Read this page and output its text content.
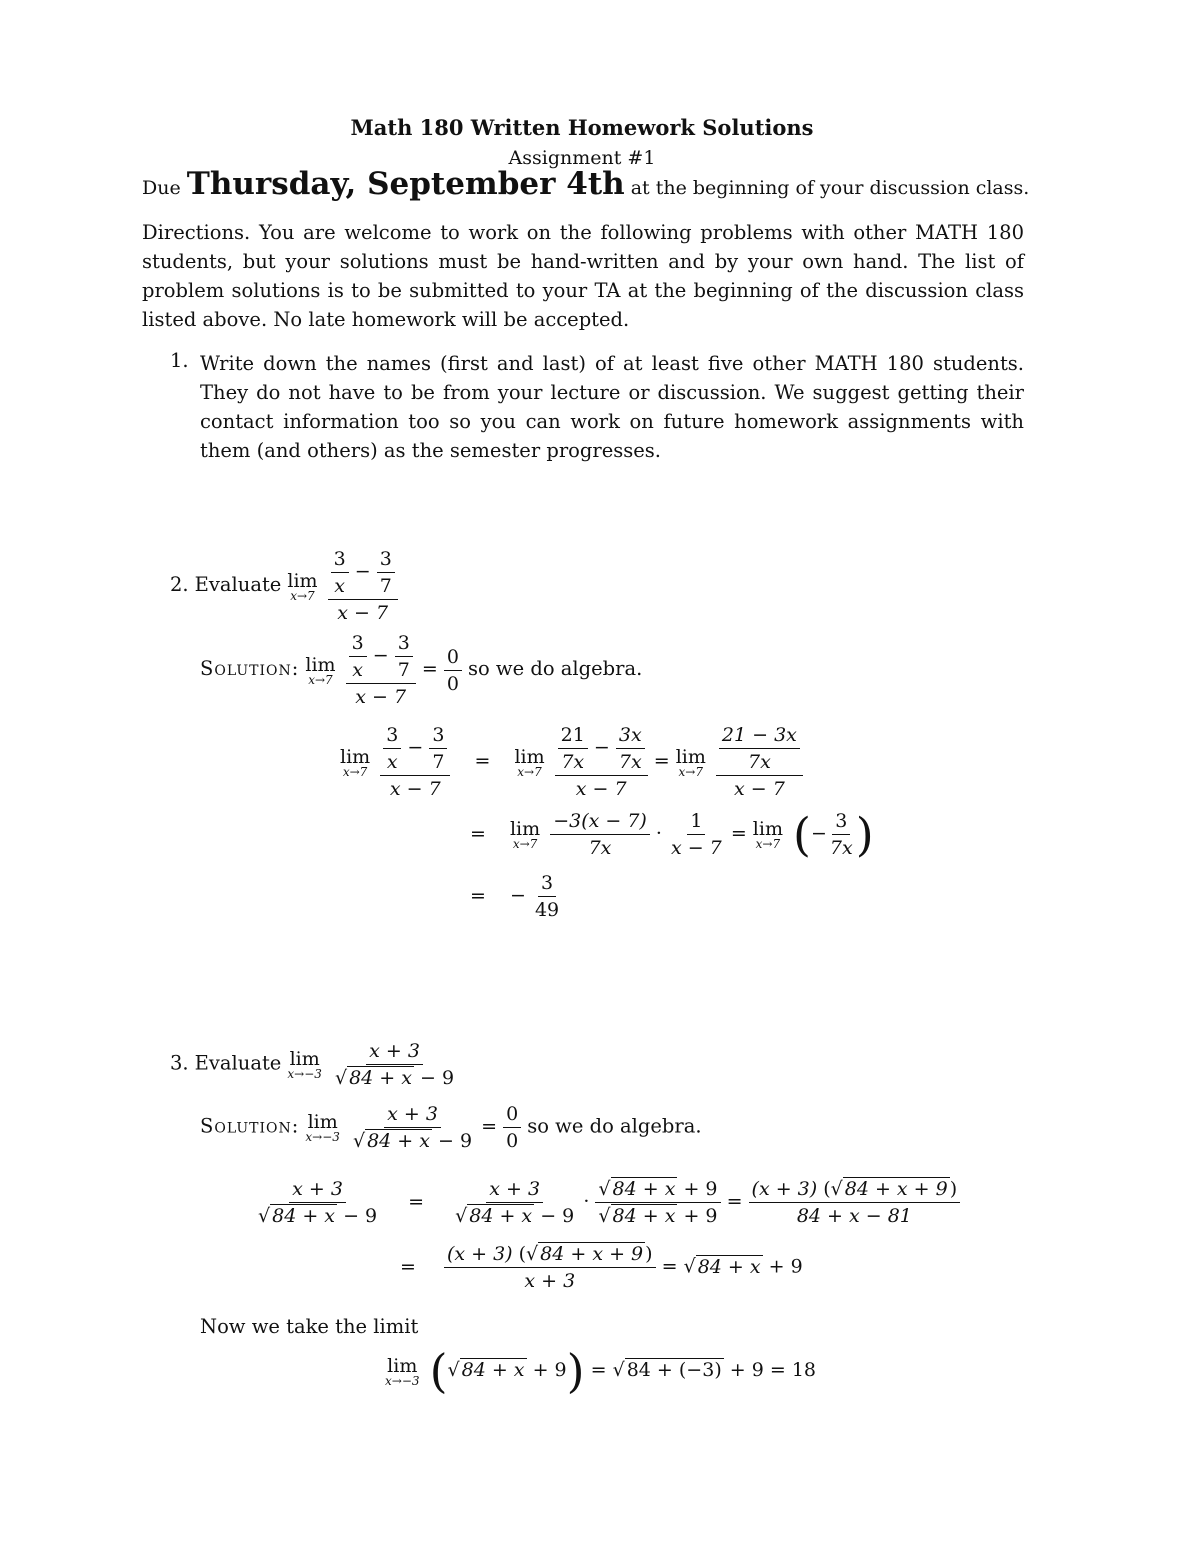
Math 180 Written Homework Solutions
Assignment #1
Due Thursday, September 4th at the beginning of your discussion class.
Directions. You are welcome to work on the following problems with other MATH 180 students, but your solutions must be hand-written and by your own hand. The list of problem solutions is to be submitted to your TA at the beginning of the discussion class listed above. No late homework will be accepted.
1. Write down the names (first and last) of at least five other MATH 180 students. They do not have to be from your lecture or discussion. We suggest getting their contact information too so you can work on future homework assignments with them (and others) as the semester progresses.
2. Evaluate lim
x→7
$\frac{\frac{3}{x} - \frac{3}{7}}{x - 7}$
Solution: lim
x→7
$\frac{\frac{3}{x} - \frac{3}{7}}{x - 7} = \frac{0}{0}$ so we do algebra.
lim
x→7
$\frac{\frac{3}{x} - \frac{3}{7}}{x - 7} = \lim$
x→7
$\frac{\frac{21}{7x} - \frac{3x}{7x}}{x - 7} = \lim$
x→7
$\frac{\frac{21 - 3x}{7x}}{x - 7}$
= lim
x→7
$\frac{-3(x - 7)}{7x} \cdot \frac{1}{x - 7} = \lim$
x→7 (− $\frac{3}{7x}$ )
= − $\frac{3}{49}$
3. Evaluate lim
x→−3
$\frac{x + 3}{√ 84 + x - 9}$
Solution: lim
x→−3
$\frac{x + 3}{√ 84 + x - 9} = \frac{0}{0}$ so we do algebra.
$\frac{x + 3}{√ 84 + x - 9} = \frac{x + 3}{√ 84 + x - 9} \cdot \frac{√ 84 + x + 9}{√ 84 + x + 9} = \frac{(x + 3) (√ 84 + x + 9 )}{84 + x - 81}$
= $\frac{(x + 3) (√ 84 + x + 9 )}{x + 3}$ = √ 84 + x + 9
Now we take the limit
lim
x→−3 (√ 84 + x + 9) = √ 84 + (−3) + 9 = 18
